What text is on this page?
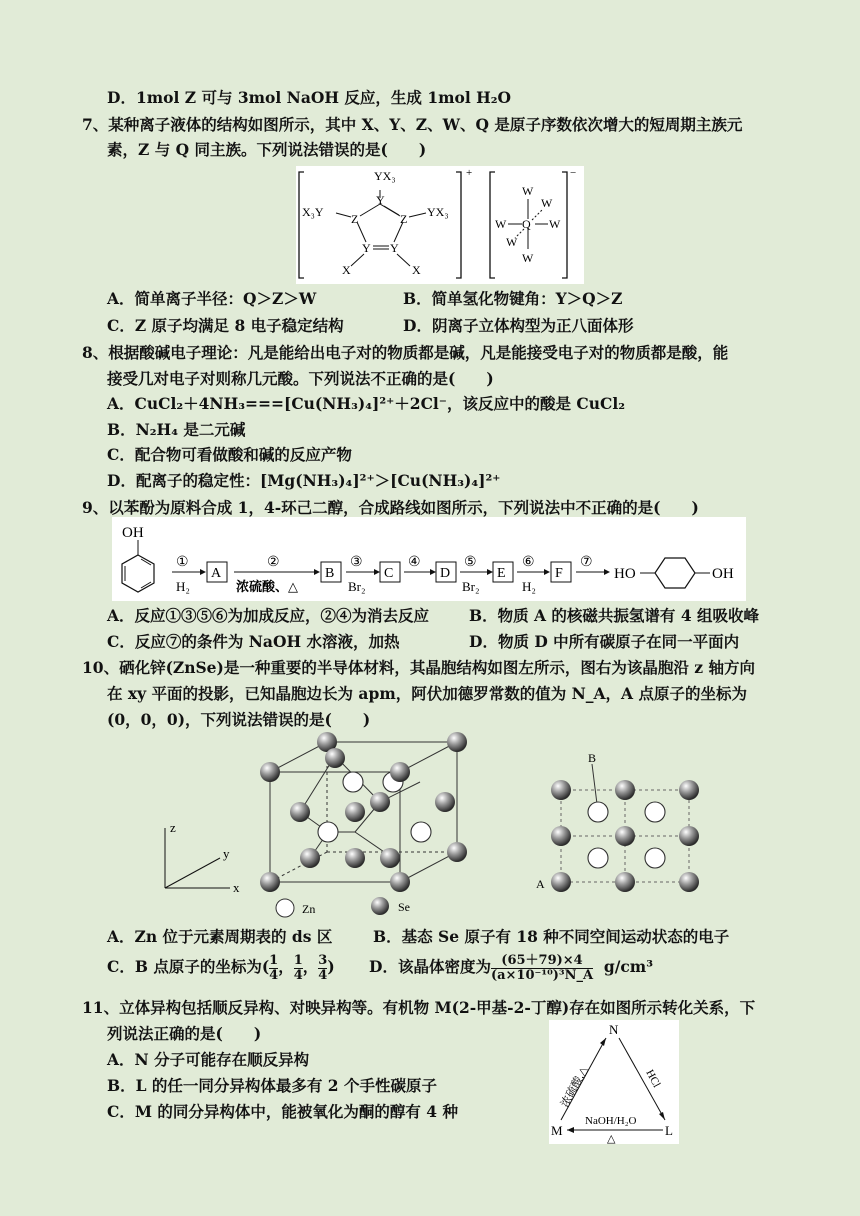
D．1mol Z 可与 3mol NaOH 反应，生成 1mol H₂O
7、某种离子液体的结构如图所示，其中 X、Y、Z、W、Q 是原子序数依次增大的短周期主族元
素，Z 与 Q 同主族。下列说法错误的是(　　)
+
YX₃
X₃Y	YX₃
Y
Z	Z
Y Y
X	X
−
W
W
W Q W
W
W
A．简单离子半径：Q＞Z＞W	B．简单氢化物键角：Y＞Q＞Z
C．Z 原子均满足 8 电子稳定结构	D．阴离子立体构型为正八面体形
8、根据酸碱电子理论：凡是能给出电子对的物质都是碱，凡是能接受电子对的物质都是酸，能
接受几对电子对则称几元酸。下列说法不正确的是(　　)
A．CuCl₂＋4NH₃===[Cu(NH₃)₄]²⁺＋2Cl⁻，该反应中的酸是 CuCl₂
B．N₂H₄ 是二元碱
C．配合物可看做酸和碱的反应产物
D．配离子的稳定性：[Mg(NH₃)₄]²⁺＞[Cu(NH₃)₄]²⁺
9、以苯酚为原料合成 1，4-环己二醇，合成路线如图所示，下列说法中不正确的是(　　)
OH
①
H₂
A
②
浓硫酸、△
B
③
Br₂
C
④
D
⑤
Br₂
E
⑥
H₂
F
⑦
HO	OH
A．反应①③⑤⑥为加成反应，②④为消去反应	B．物质 A 的核磁共振氢谱有 4 组吸收峰
C．反应⑦的条件为 NaOH 水溶液，加热	D．物质 D 中所有碳原子在同一平面内
10、硒化锌(ZnSe)是一种重要的半导体材料，其晶胞结构如图左所示，图右为该晶胞沿 z 轴方向
在 xy 平面的投影，已知晶胞边长为 apm，阿伏加德罗常数的值为 N_A，A 点原子的坐标为
(0，0，0)，下列说法错误的是(　　)
z
y
x
Zn	Se
B
A
A．Zn 位于元素周期表的 ds 区	B．基态 Se 原子有 18 种不同空间运动状态的电子
C．B 点原子的坐标为( $\frac{1}{4}$ ， $\frac{1}{4}$ ， $\frac{3}{4}$ ) D．该晶体密度为 $\frac{(65+79)\times 4}{\text{(a×10⁻¹⁰)³N\_A}} g/cm^3$
11、立体异构包括顺反异构、对映异构等。有机物 M(2-甲基-2-丁醇)存在如图所示转化关系，下
列说法正确的是(　　)
A．N 分子可能存在顺反异构
B．L 的任一同分异构体最多有 2 个手性碳原子
C．M 的同分异构体中，能被氧化为酮的醇有 4 种
N
M	L
浓硫酸,△	HCl
NaOH/H₂O
△
